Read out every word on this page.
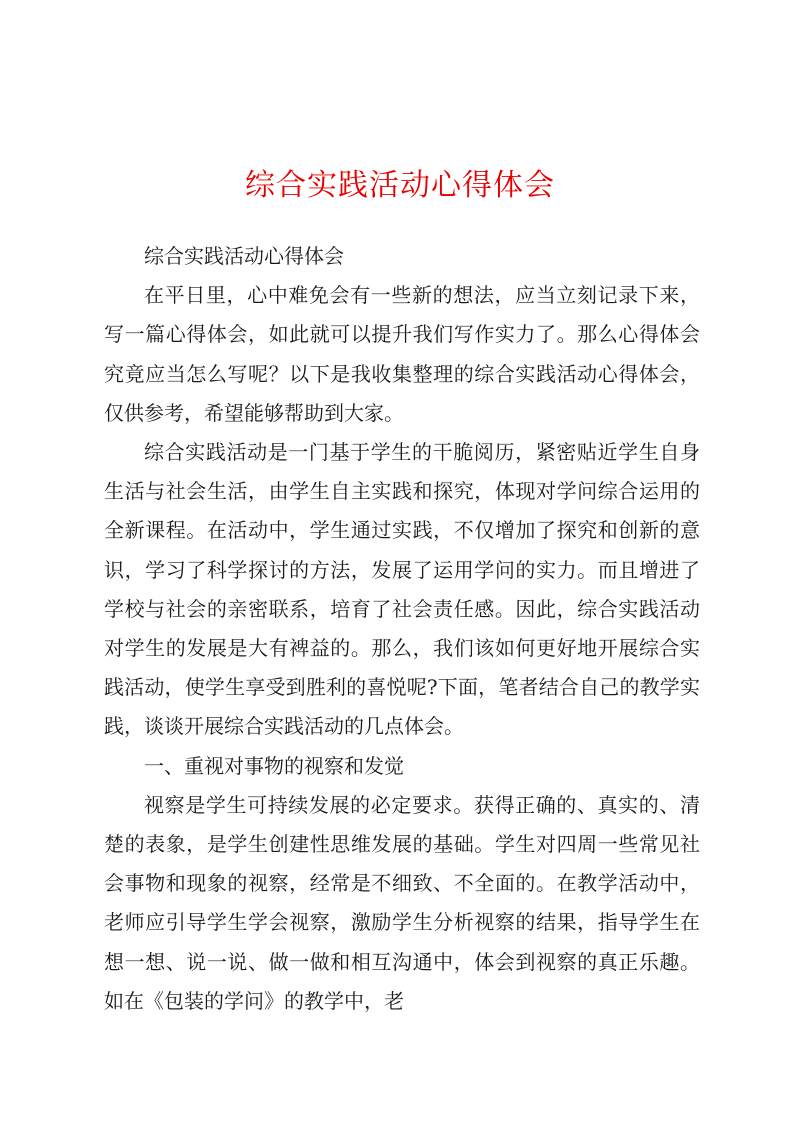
综合实践活动心得体会

综合实践活动心得体会

在平日里，心中难免会有一些新的想法，应当立刻记录下来，写一篇心得体会，如此就可以提升我们写作实力了。那么心得体会究竟应当怎么写呢？以下是我收集整理的综合实践活动心得体会，仅供参考，希望能够帮助到大家。

综合实践活动是一门基于学生的干脆阅历，紧密贴近学生自身生活与社会生活，由学生自主实践和探究，体现对学问综合运用的全新课程。在活动中，学生通过实践，不仅增加了探究和创新的意识，学习了科学探讨的方法，发展了运用学问的实力。而且增进了学校与社会的亲密联系，培育了社会责任感。因此，综合实践活动对学生的发展是大有裨益的。那么，我们该如何更好地开展综合实践活动，使学生享受到胜利的喜悦呢?下面，笔者结合自己的教学实践，谈谈开展综合实践活动的几点体会。

一、重视对事物的视察和发觉

视察是学生可持续发展的必定要求。获得正确的、真实的、清楚的表象，是学生创建性思维发展的基础。学生对四周一些常见社会事物和现象的视察，经常是不细致、不全面的。在教学活动中，老师应引导学生学会视察，激励学生分析视察的结果，指导学生在想一想、说一说、做一做和相互沟通中，体会到视察的真正乐趣。如在《包装的学问》的教学中，老
